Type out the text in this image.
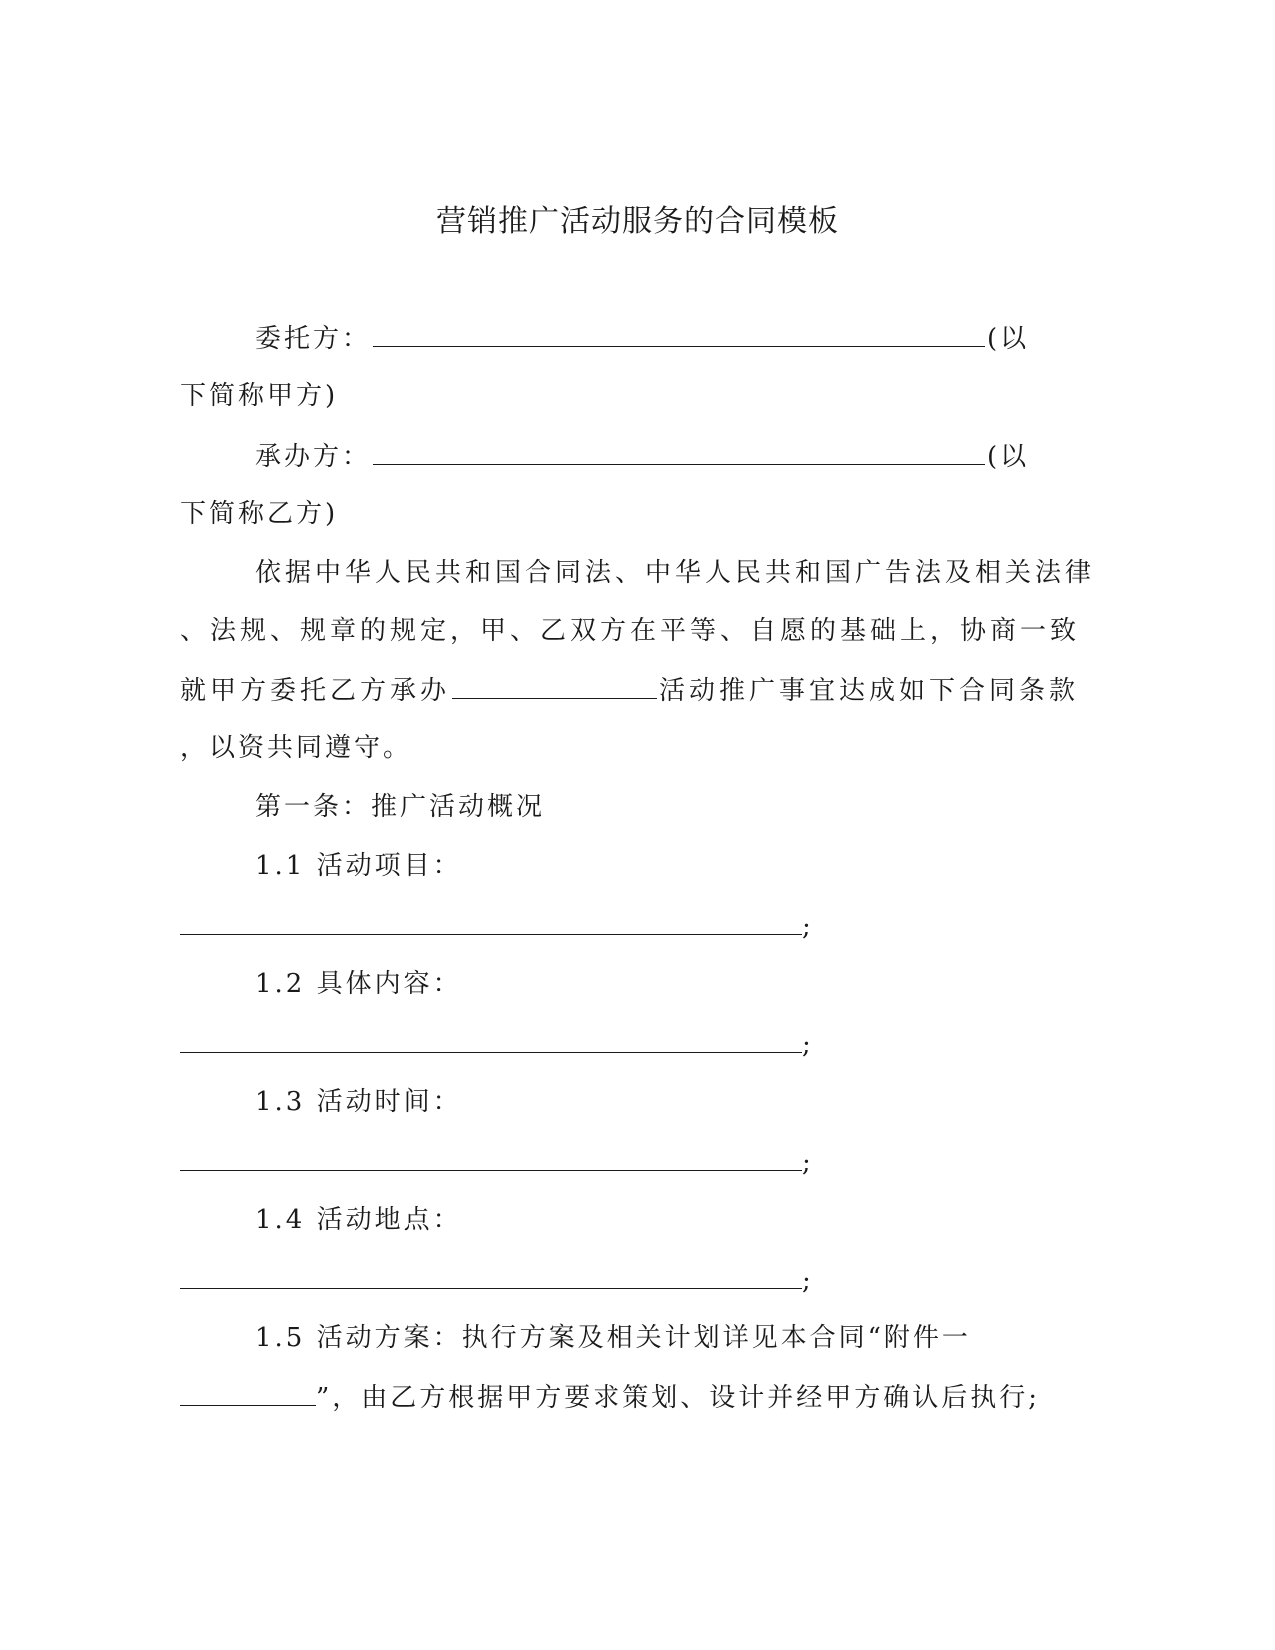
营销推广活动服务的合同模板
委托方：	(以
下简称甲方)
承办方：	(以
下简称乙方)
依据中华人民共和国合同法、中华人民共和国广告法及相关法律
、法规、规章的规定，甲、乙双方在平等、自愿的基础上，协商一致
就甲方委托乙方承办	活动推广事宜达成如下合同条款
，以资共同遵守。
第一条：推广活动概况
1.1 活动项目：
;
1.2 具体内容：
;
1.3 活动时间：
;
1.4 活动地点：
;
1.5 活动方案：执行方案及相关计划详见本合同“附件一
”，由乙方根据甲方要求策划、设计并经甲方确认后执行;
